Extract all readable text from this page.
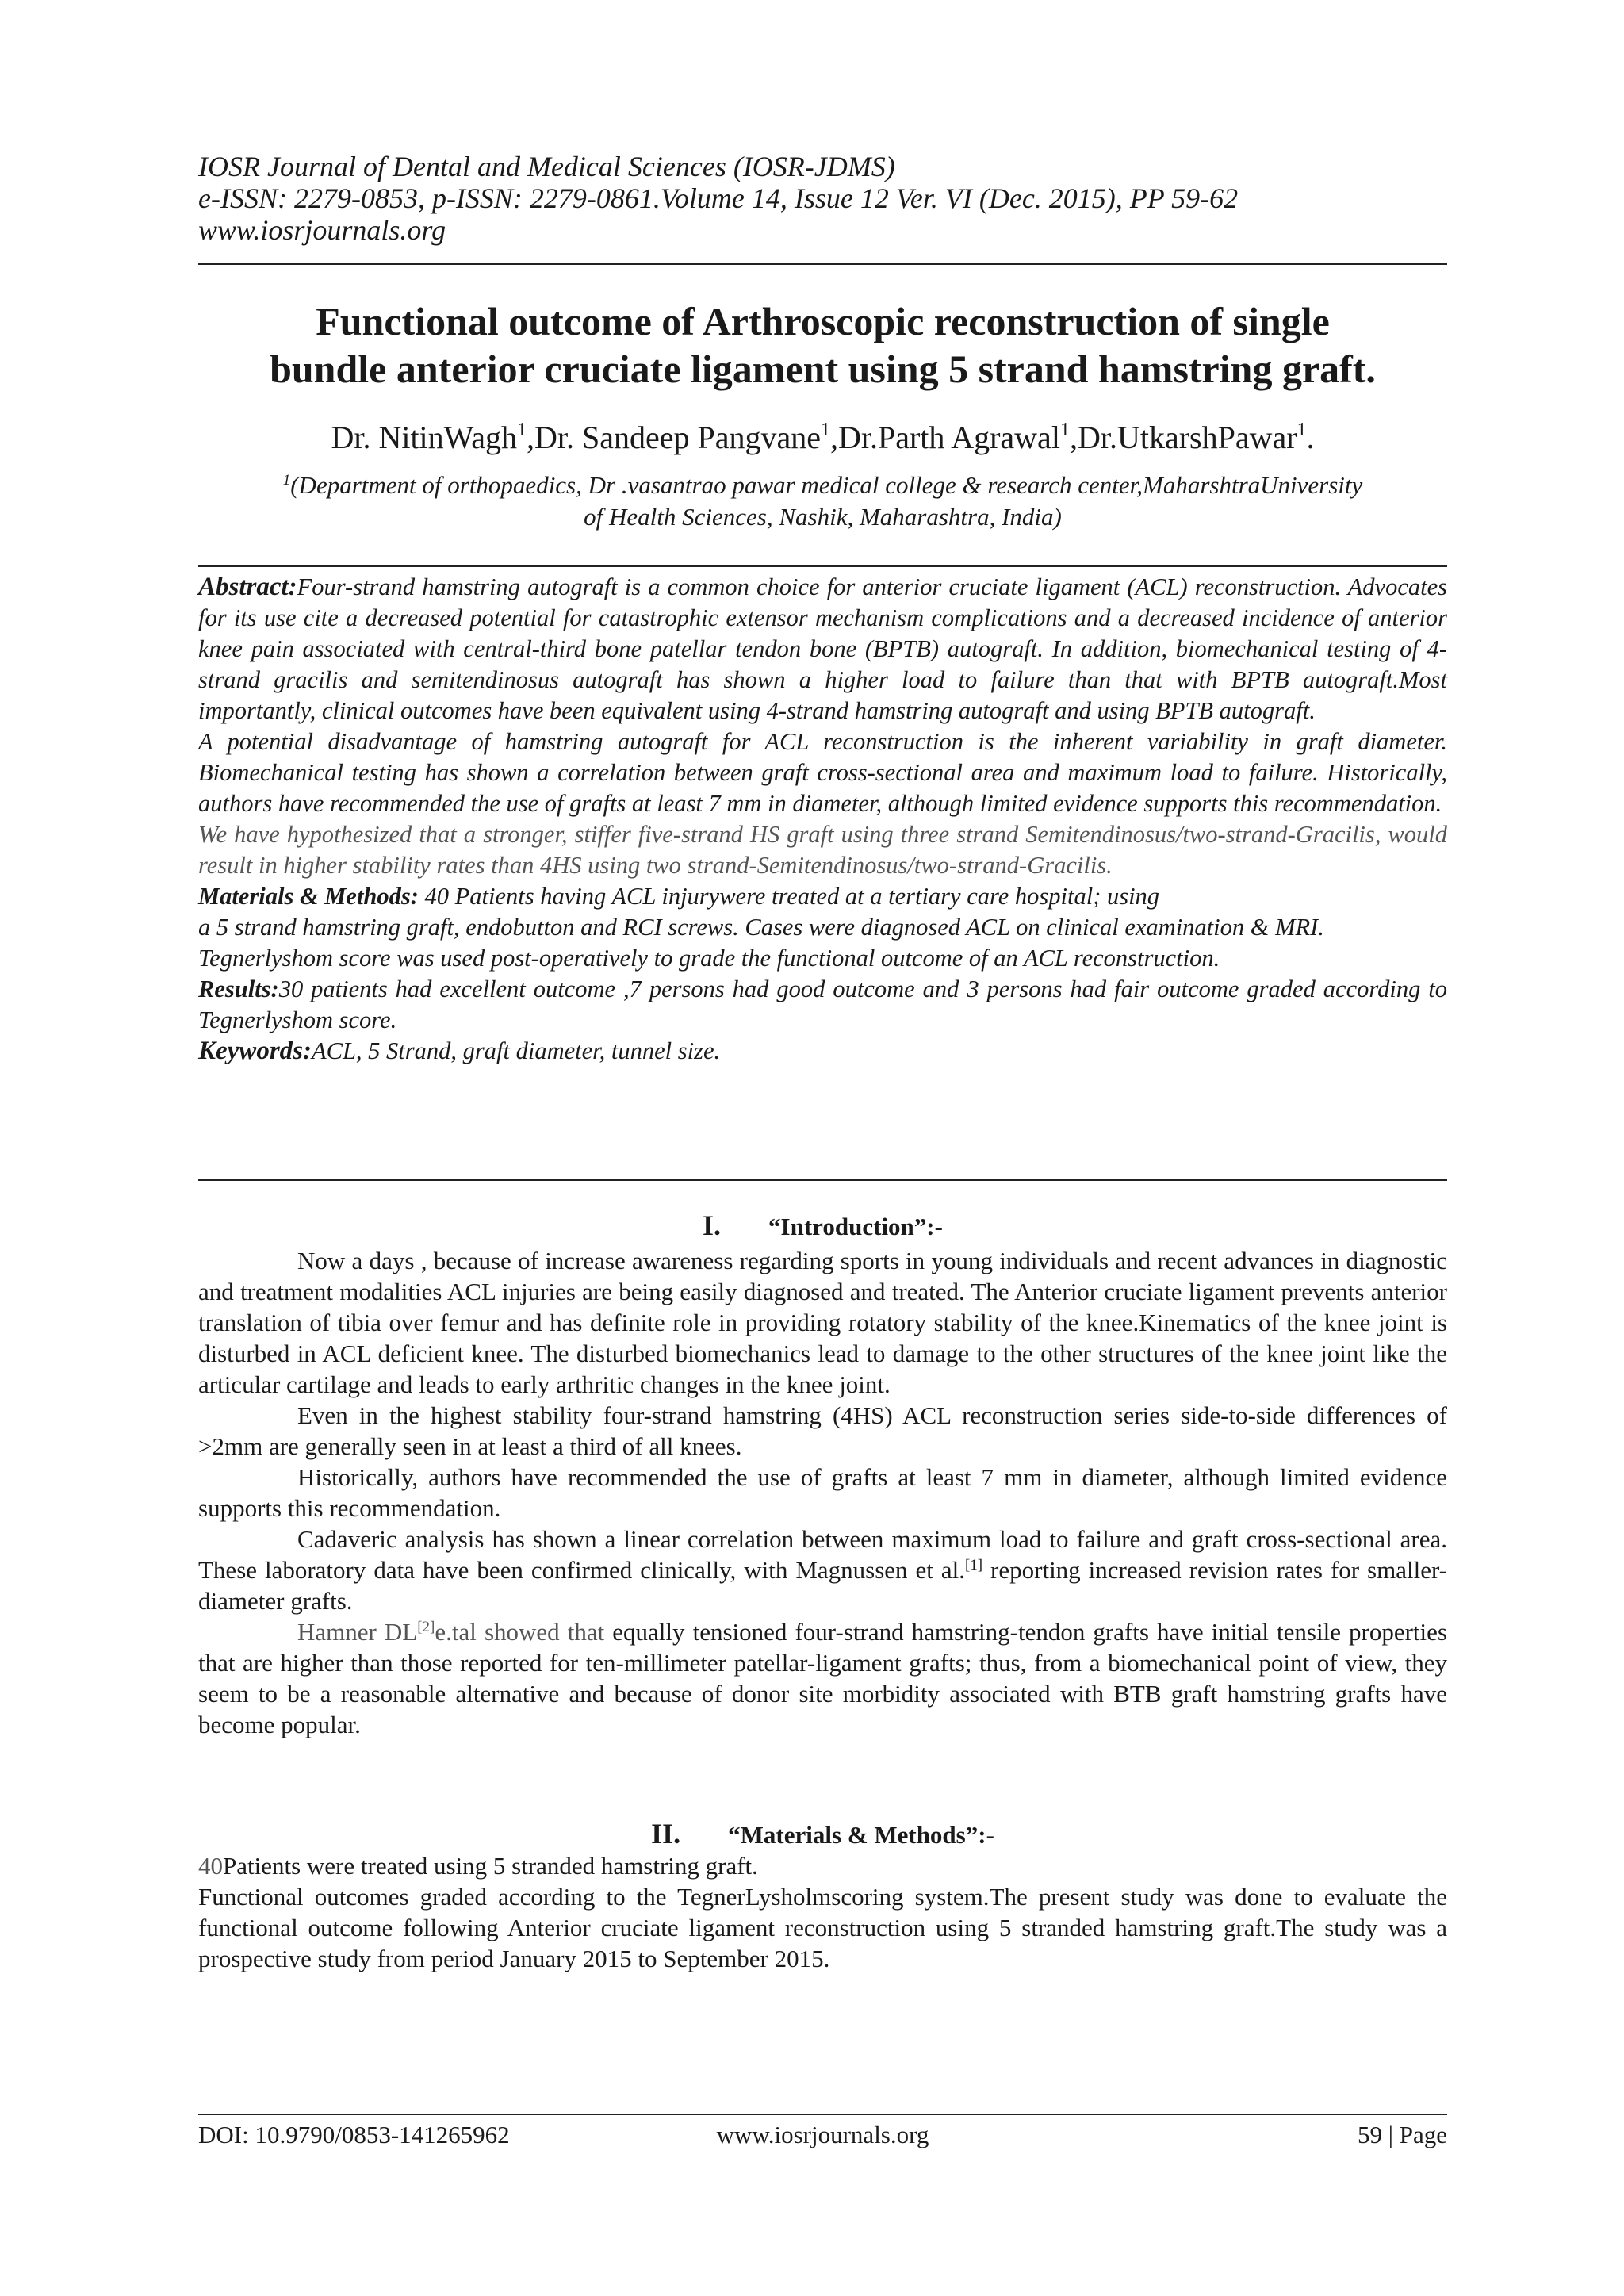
IOSR Journal of Dental and Medical Sciences (IOSR-JDMS)
e-ISSN: 2279-0853, p-ISSN: 2279-0861.Volume 14, Issue 12 Ver. VI (Dec. 2015), PP 59-62
www.iosrjournals.org
Functional outcome of Arthroscopic reconstruction of single
bundle anterior cruciate ligament using 5 strand hamstring graft.
Dr. NitinWagh$^1$,Dr. Sandeep Pangvane$^1$,Dr.Parth Agrawal$^1$,Dr.UtkarshPawar$^1$.
$^1$(Department of orthopaedics, Dr .vasantrao pawar medical college & research center,MaharshtraUniversity
of Health Sciences, Nashik, Maharashtra, India)

Abstract:Four-strand hamstring autograft is a common choice for anterior cruciate ligament (ACL) reconstruction. Advocates for its use cite a decreased potential for catastrophic extensor mechanism complications and a decreased incidence of anterior knee pain associated with central-third bone patellar tendon bone (BPTB) autograft. In addition, biomechanical testing of 4-strand gracilis and semitendinosus autograft has shown a higher load to failure than that with BPTB autograft.Most importantly, clinical outcomes have been equivalent using 4-strand hamstring autograft and using BPTB autograft.

A potential disadvantage of hamstring autograft for ACL reconstruction is the inherent variability in graft diameter. Biomechanical testing has shown a correlation between graft cross-sectional area and maximum load to failure. Historically, authors have recommended the use of grafts at least 7 mm in diameter, although limited evidence supports this recommendation.

We have hypothesized that a stronger, stiffer five-strand HS graft using three strand Semitendinosus/two-strand-Gracilis, would result in higher stability rates than 4HS using two strand-Semitendinosus/two-strand-Gracilis.

Materials & Methods: 40 Patients having ACL injurywere treated at a tertiary care hospital; using

a 5 strand hamstring graft, endobutton and RCI screws. Cases were diagnosed ACL on clinical examination & MRI.

Tegnerlyshom score was used post-operatively to grade the functional outcome of an ACL reconstruction.

Results:30 patients had excellent outcome ,7 persons had good outcome and 3 persons had fair outcome graded according to Tegnerlyshom score.

Keywords:ACL, 5 Strand, graft diameter, tunnel size.

I. “Introduction”:-

Now a days , because of increase awareness regarding sports in young individuals and recent advances in diagnostic and treatment modalities ACL injuries are being easily diagnosed and treated. The Anterior cruciate ligament prevents anterior translation of tibia over femur and has definite role in providing rotatory stability of the knee.Kinematics of the knee joint is disturbed in ACL deficient knee. The disturbed biomechanics lead to damage to the other structures of the knee joint like the articular cartilage and leads to early arthritic changes in the knee joint.

Even in the highest stability four-strand hamstring (4HS) ACL reconstruction series side-to-side differences of >2mm are generally seen in at least a third of all knees.

Historically, authors have recommended the use of grafts at least 7 mm in diameter, although limited evidence supports this recommendation.

Cadaveric analysis has shown a linear correlation between maximum load to failure and graft cross-sectional area. These laboratory data have been confirmed clinically, with Magnussen et al.[1] reporting increased revision rates for smaller-diameter grafts.

Hamner DL[2]e.tal showed that equally tensioned four-strand hamstring-tendon grafts have initial tensile properties that are higher than those reported for ten-millimeter patellar-ligament grafts; thus, from a biomechanical point of view, they seem to be a reasonable alternative and because of donor site morbidity associated with BTB graft hamstring grafts have become popular.

II. “Materials & Methods”:-

40Patients were treated using 5 stranded hamstring graft.

Functional outcomes graded according to the TegnerLysholmscoring system.The present study was done to evaluate the functional outcome following Anterior cruciate ligament reconstruction using 5 stranded hamstring graft.The study was a prospective study from period January 2015 to September 2015.

DOI: 10.9790/0853-141265962	www.iosrjournals.org	59 | Page
